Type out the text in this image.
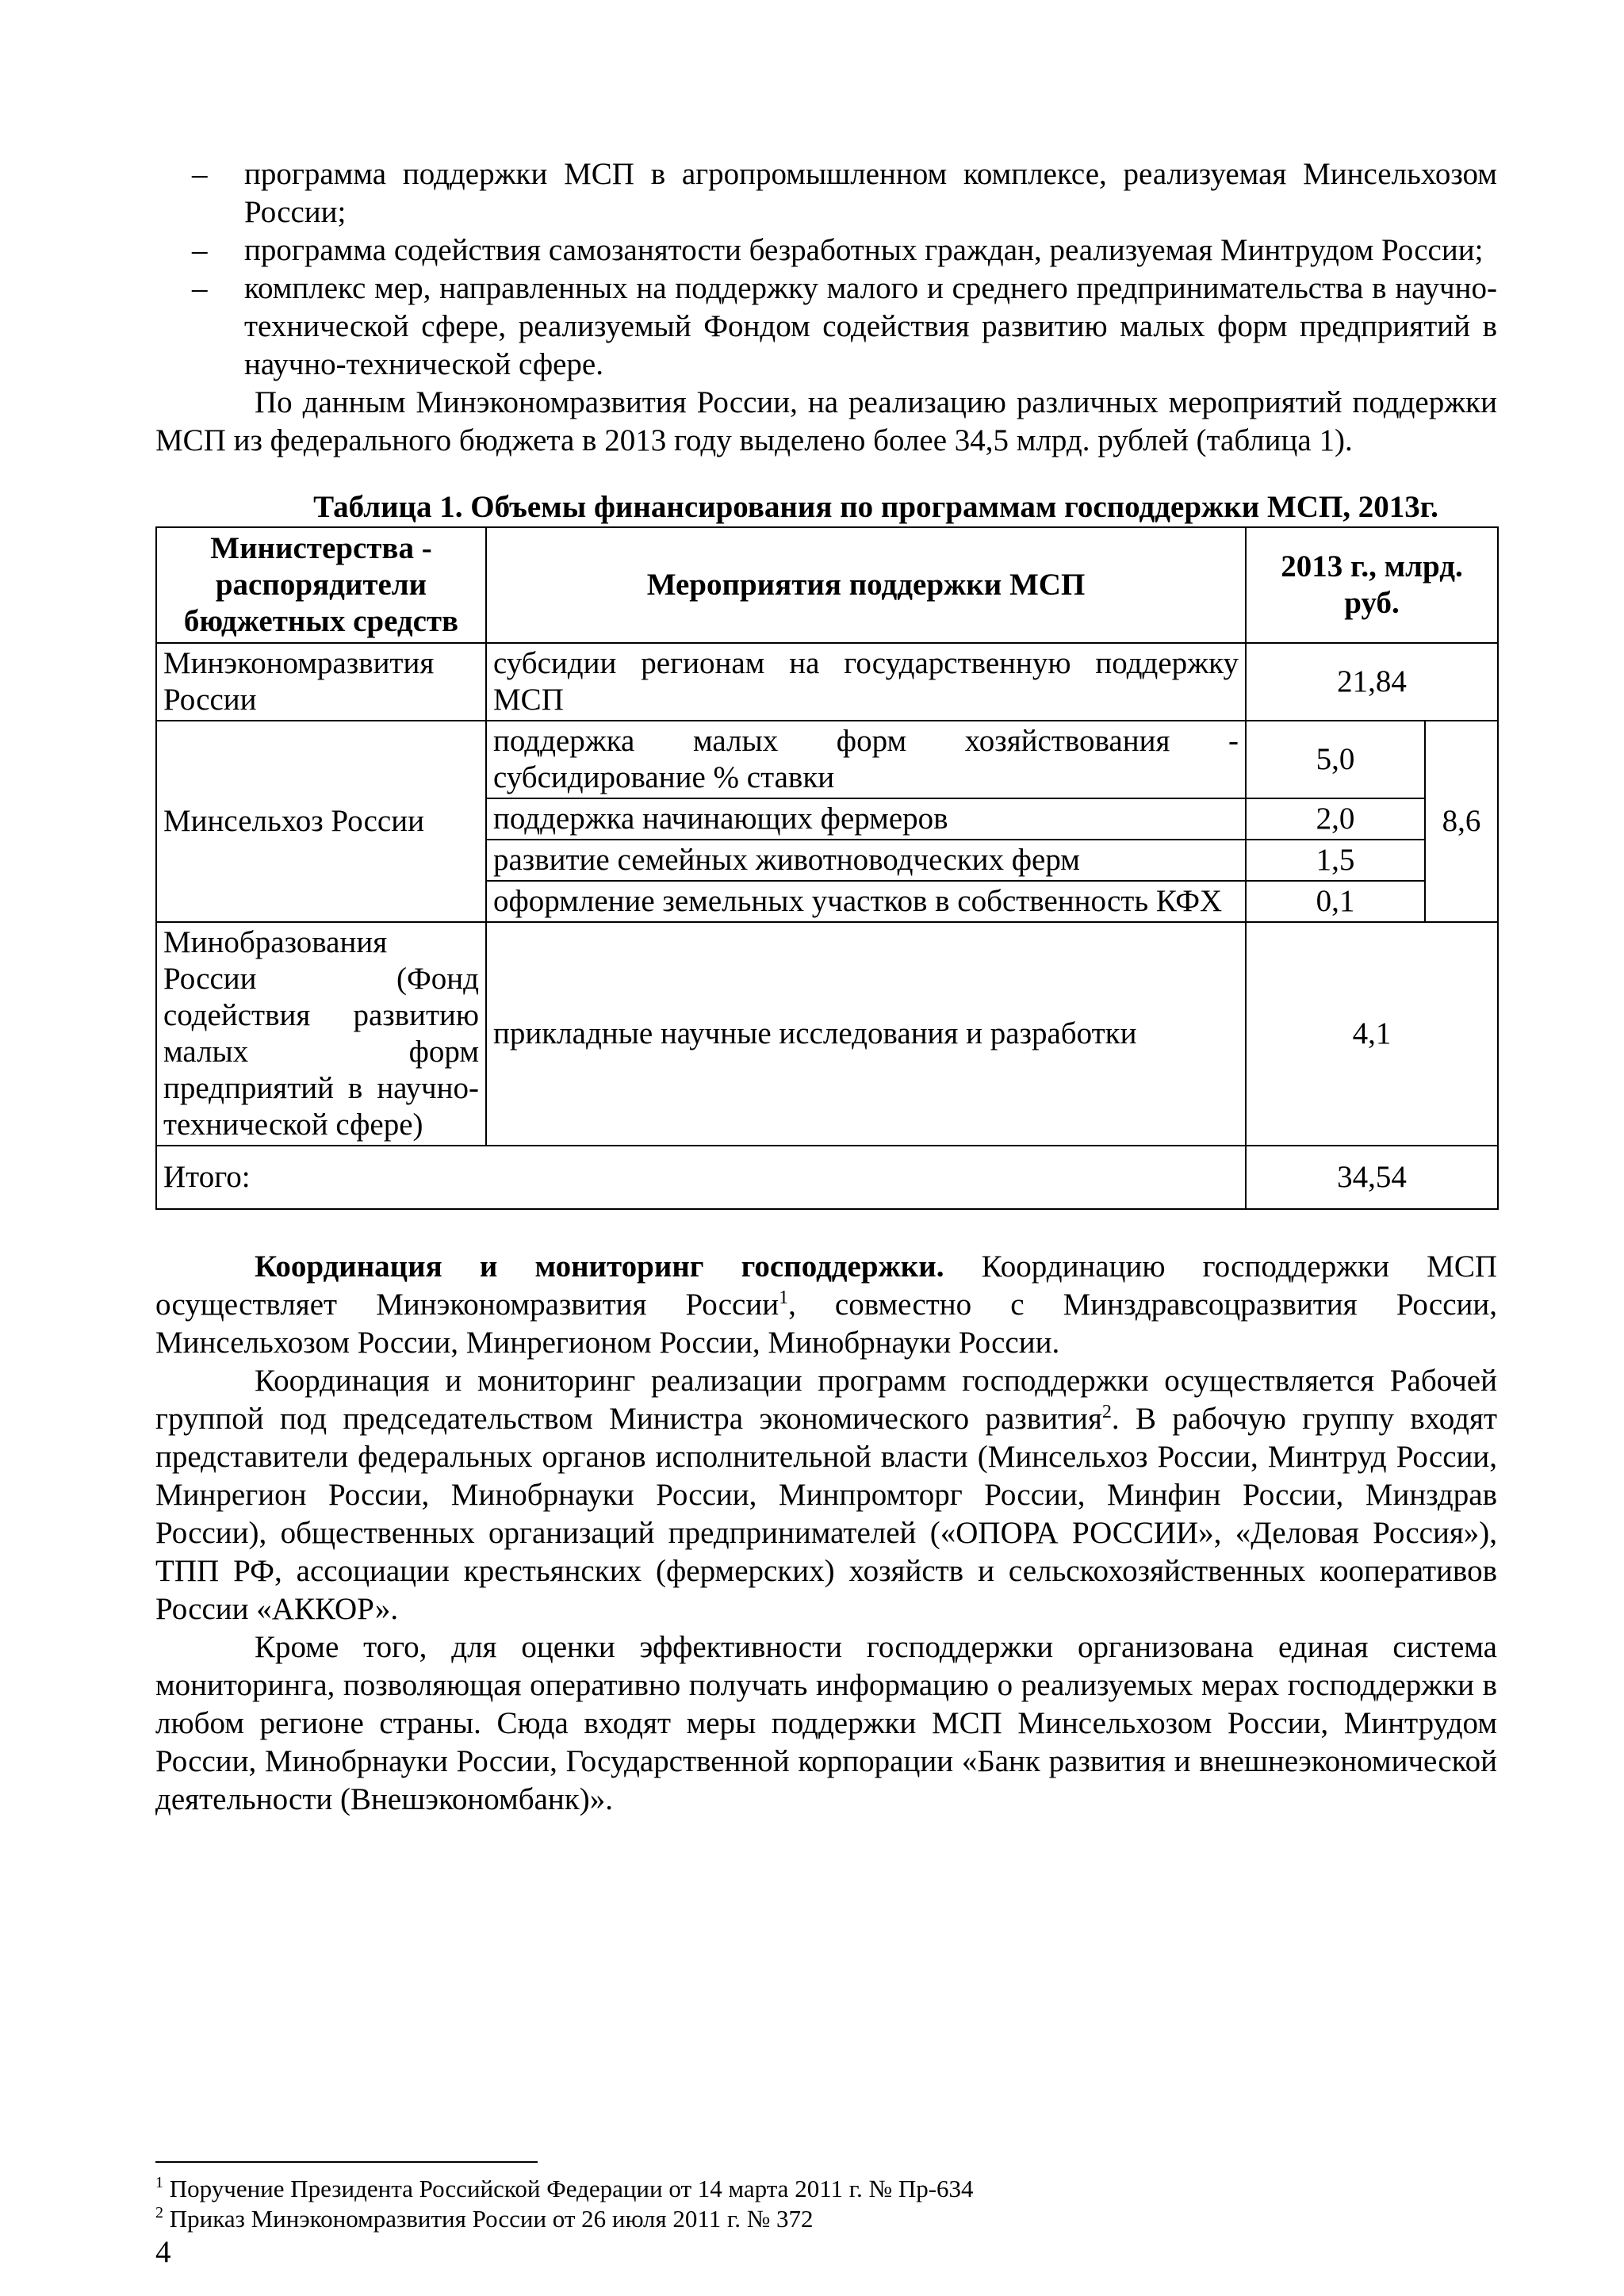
– программа поддержки МСП в агропромышленном комплексе, реализуемая Минсельхозом России;
– программа содействия самозанятости безработных граждан, реализуемая Минтрудом России;
– комплекс мер, направленных на поддержку малого и среднего предпринимательства в научно-технической сфере, реализуемый Фондом содействия развитию малых форм предприятий в научно-технической сфере.

По данным Минэкономразвития России, на реализацию различных мероприятий поддержки МСП из федерального бюджета в 2013 году выделено более 34,5 млрд. рублей (таблица 1).

Таблица 1. Объемы финансирования по программам господдержки МСП, 2013г.

Министерства - распорядители бюджетных средств	Мероприятия поддержки МСП	2013 г., млрд. руб.	
Минэкономразвития России	субсидии регионам на государственную поддержку МСП	21,84	
Минсельхоз России	поддержка малых форм хозяйствования - субсидирование % ставки	5,0	8,6
	поддержка начинающих фермеров	2,0	
	развитие семейных животноводческих ферм	1,5	
	оформление земельных участков в собственность КФХ	0,1	
Минобразования России (Фонд содействия развитию малых форм предприятий в научно-технической сфере)	прикладные научные исследования и разработки	4,1	
Итого:		34,54	

Координация и мониторинг господдержки. Координацию господдержки МСП осуществляет Минэкономразвития России$^1$, совместно с Минздравсоцразвития России, Минсельхозом России, Минрегионом России, Минобрнауки России.

Координация и мониторинг реализации программ господдержки осуществляется Рабочей группой под председательством Министра экономического развития$^2$. В рабочую группу входят представители федеральных органов исполнительной власти (Минсельхоз России, Минтруд России, Минрегион России, Минобрнауки России, Минпромторг России, Минфин России, Минздрав России), общественных организаций предпринимателей («ОПОРА РОССИИ», «Деловая Россия»), ТПП РФ, ассоциации крестьянских (фермерских) хозяйств и сельскохозяйственных кооперативов России «АККОР».

Кроме того, для оценки эффективности господдержки организована единая система мониторинга, позволяющая оперативно получать информацию о реализуемых мерах господдержки в любом регионе страны. Сюда входят меры поддержки МСП Минсельхозом России, Минтрудом России, Минобрнауки России, Государственной корпорации «Банк развития и внешнеэкономической деятельности (Внешэкономбанк)».

$^1$ Поручение Президента Российской Федерации от 14 марта 2011 г. № Пр-634
$^2$ Приказ Минэкономразвития России от 26 июля 2011 г. № 372
4
